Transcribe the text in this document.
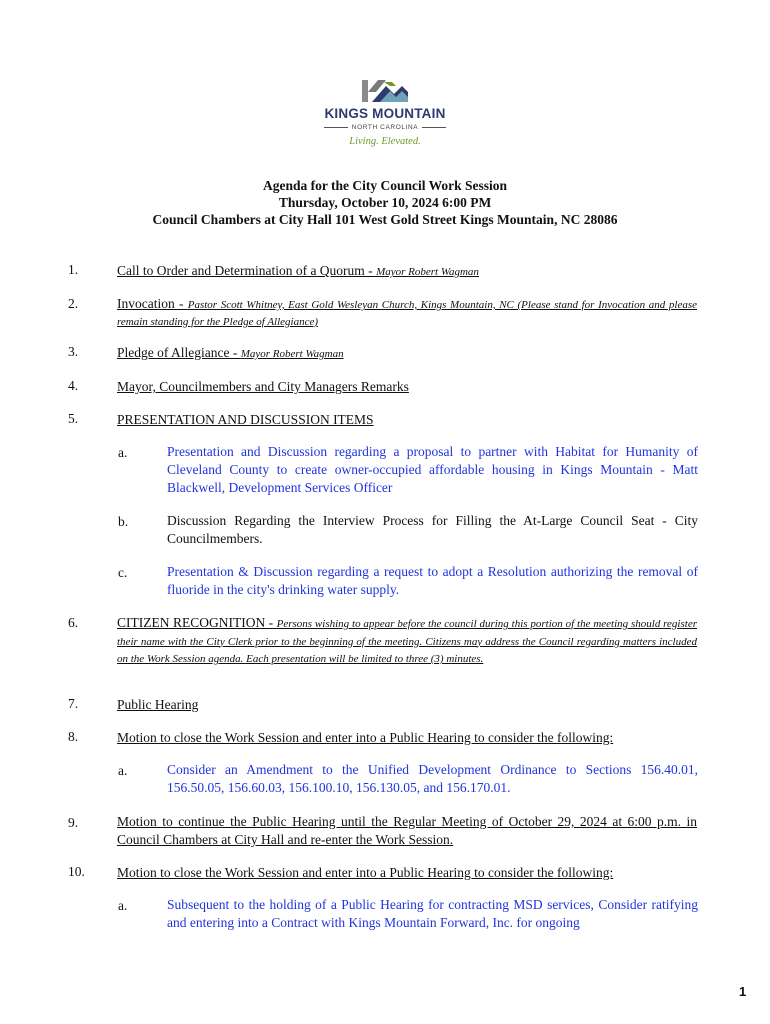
KINGS MOUNTAIN
NORTH CAROLINA
Living. Elevated.
Agenda for the City Council Work Session
Thursday, October 10, 2024 6:00 PM
Council Chambers at City Hall 101 West Gold Street Kings Mountain, NC 28086
1.	Call to Order and Determination of a Quorum - Mayor Robert Wagman
2.	Invocation - Pastor Scott Whitney, East Gold Wesleyan Church, Kings Mountain, NC (Please stand for Invocation and please remain standing for the Pledge of Allegiance)
3.	Pledge of Allegiance - Mayor Robert Wagman
4.	Mayor, Councilmembers and City Managers Remarks
5.	PRESENTATION AND DISCUSSION ITEMS
a.	Presentation and Discussion regarding a proposal to partner with Habitat for Humanity of Cleveland County to create owner-occupied affordable housing in Kings Mountain - Matt Blackwell, Development Services Officer
b.	Discussion Regarding the Interview Process for Filling the At-Large Council Seat - City Councilmembers.
c.	Presentation & Discussion regarding a request to adopt a Resolution authorizing the removal of fluoride in the city's drinking water supply.
6.	CITIZEN RECOGNITION - Persons wishing to appear before the council during this portion of the meeting should register their name with the City Clerk prior to the beginning of the meeting. Citizens may address the Council regarding matters included on the Work Session agenda. Each presentation will be limited to three (3) minutes.
7.	Public Hearing
8.	Motion to close the Work Session and enter into a Public Hearing to consider the following:
a.	Consider an Amendment to the Unified Development Ordinance to Sections 156.40.01, 156.50.05, 156.60.03, 156.100.10, 156.130.05, and 156.170.01.
9.	Motion to continue the Public Hearing until the Regular Meeting of October 29, 2024 at 6:00 p.m. in Council Chambers at City Hall and re-enter the Work Session.
10. Motion to close the Work Session and enter into a Public Hearing to consider the following:
a.	Subsequent to the holding of a Public Hearing for contracting MSD services, Consider ratifying and entering into a Contract with Kings Mountain Forward, Inc. for ongoing
1
